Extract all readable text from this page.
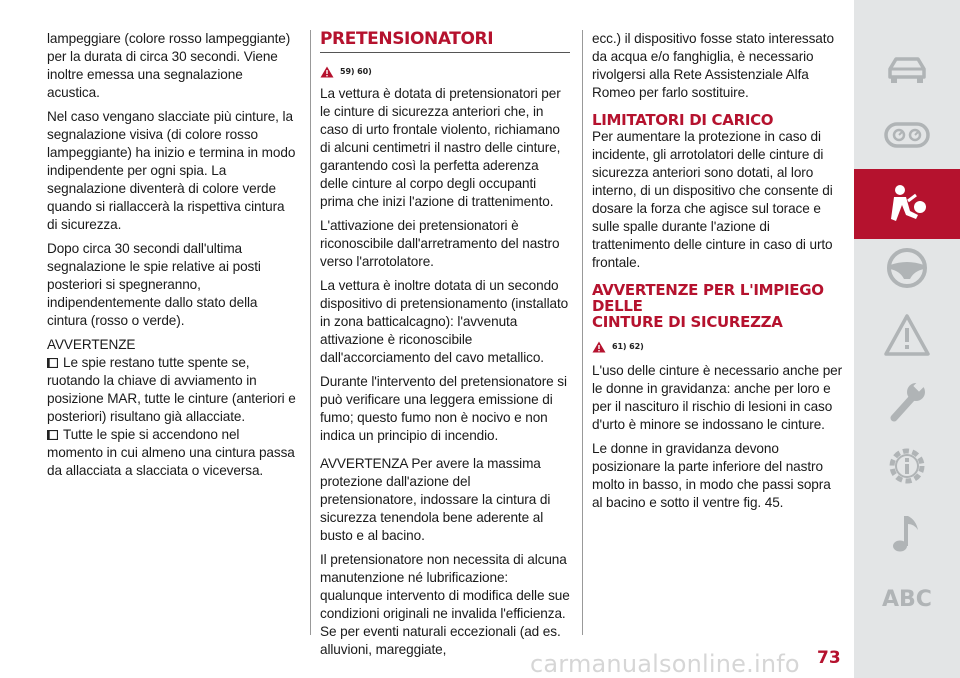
lampeggiare (colore rosso lampeggiante) per la durata di circa 30 secondi. Viene inoltre emessa una segnalazione acustica.

Nel caso vengano slacciate più cinture, la segnalazione visiva (di colore rosso lampeggiante) ha inizio e termina in modo indipendente per ogni spia. La segnalazione diventerà di colore verde quando si riallaccerà la rispettiva cintura di sicurezza.

Dopo circa 30 secondi dall'ultima segnalazione le spie relative ai posti posteriori si spegneranno, indipendentemente dallo stato della cintura (rosso o verde).

AVVERTENZE

Le spie restano tutte spente se, ruotando la chiave di avviamento in posizione MAR, tutte le cinture (anteriori e posteriori) risultano già allacciate.

Tutte le spie si accendono nel momento in cui almeno una cintura passa da allacciata a slacciata o viceversa.

PRETENSIONATORI
59) 60)

La vettura è dotata di pretensionatori per le cinture di sicurezza anteriori che, in caso di urto frontale violento, richiamano di alcuni centimetri il nastro delle cinture, garantendo così la perfetta aderenza delle cinture al corpo degli occupanti prima che inizi l'azione di trattenimento.

L'attivazione dei pretensionatori è riconoscibile dall'arretramento del nastro verso l'arrotolatore.

La vettura è inoltre dotata di un secondo dispositivo di pretensionamento (installato in zona batticalcagno): l'avvenuta attivazione è riconoscibile dall'accorciamento del cavo metallico.

Durante l'intervento del pretensionatore si può verificare una leggera emissione di fumo; questo fumo non è nocivo e non indica un principio di incendio.

AVVERTENZA Per avere la massima protezione dall'azione del pretensionatore, indossare la cintura di sicurezza tenendola bene aderente al busto e al bacino.

Il pretensionatore non necessita di alcuna manutenzione né lubrificazione: qualunque intervento di modifica delle sue condizioni originali ne invalida l'efficienza. Se per eventi naturali eccezionali (ad es. alluvioni, mareggiate,

ecc.) il dispositivo fosse stato interessato da acqua e/o fanghiglia, è necessario rivolgersi alla Rete Assistenziale Alfa Romeo per farlo sostituire.

LIMITATORI DI CARICO

Per aumentare la protezione in caso di incidente, gli arrotolatori delle cinture di sicurezza anteriori sono dotati, al loro interno, di un dispositivo che consente di dosare la forza che agisce sul torace e sulle spalle durante l'azione di trattenimento delle cinture in caso di urto frontale.

AVVERTENZE PER L'IMPIEGO DELLE
CINTURE DI SICUREZZA
61) 62)

L'uso delle cinture è necessario anche per le donne in gravidanza: anche per loro e per il nascituro il rischio di lesioni in caso d'urto è minore se indossano le cinture.

Le donne in gravidanza devono posizionare la parte inferiore del nastro molto in basso, in modo che passi sopra al bacino e sotto il ventre fig. 45.

ABC
carmanualsonline.info 73
